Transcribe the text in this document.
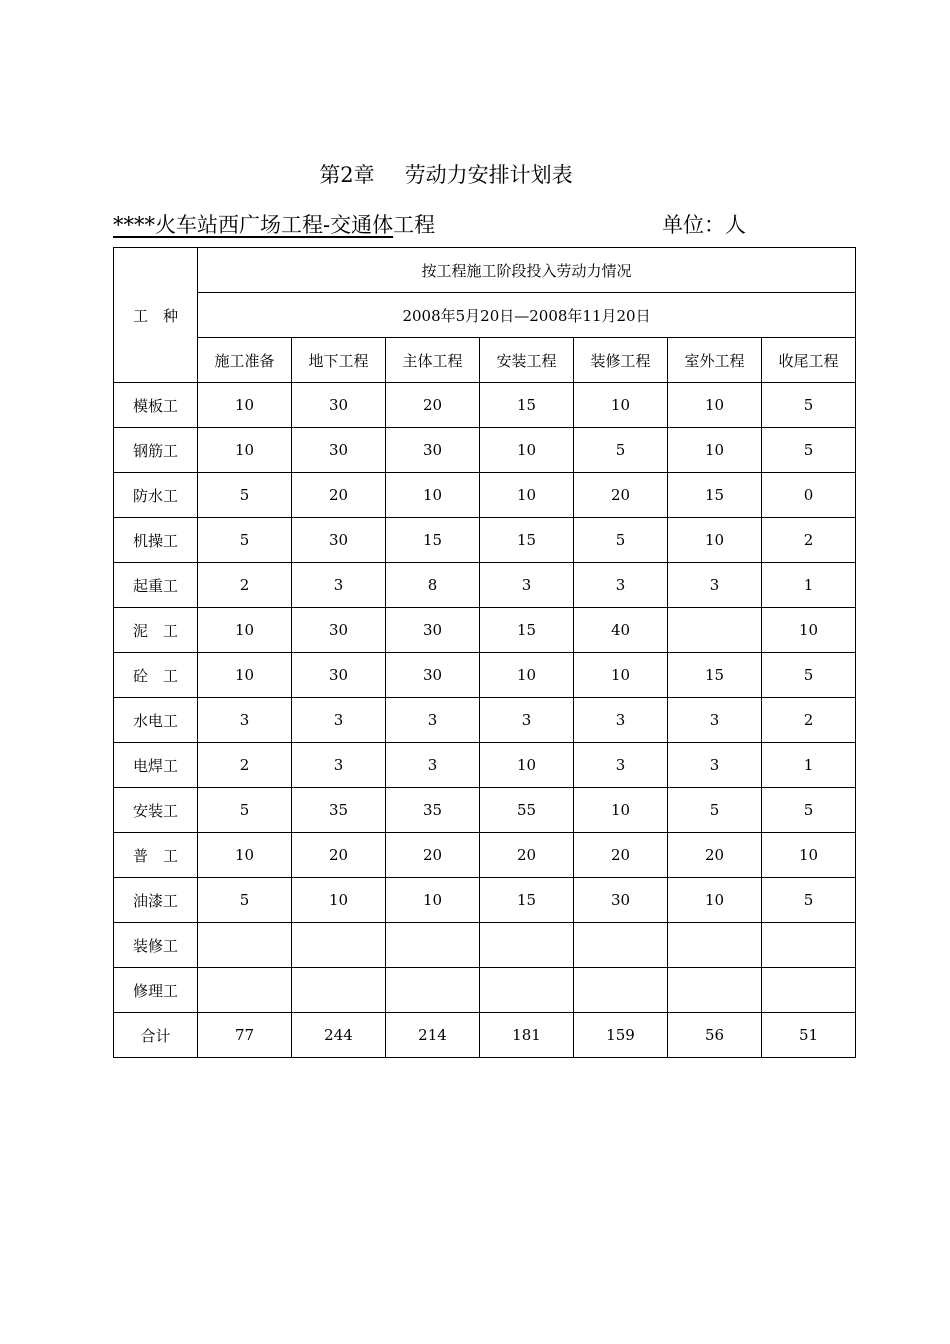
第2章 劳动力安排计划表
****火车站西广场工程-交通体工程	单位：人
工　种	按工程施工阶段投入劳动力情况						
	2008年5月20日—2008年11月20日						
	施工准备	地下工程	主体工程	安装工程	装修工程	室外工程	收尾工程
模板工	10	30	20	15	10	10	5
钢筋工	10	30	30	10	5	10	5
防水工	5	20	10	10	20	15	0
机操工	5	30	15	15	5	10	2
起重工	2	3	8	3	3	3	1
泥　工	10	30	30	15	40		10
砼　工	10	30	30	10	10	15	5
水电工	3	3	3	3	3	3	2
电焊工	2	3	3	10	3	3	1
安装工	5	35	35	55	10	5	5
普　工	10	20	20	20	20	20	10
油漆工	5	10	10	15	30	10	5
装修工							
修理工							
合计	77	244	214	181	159	56	51
